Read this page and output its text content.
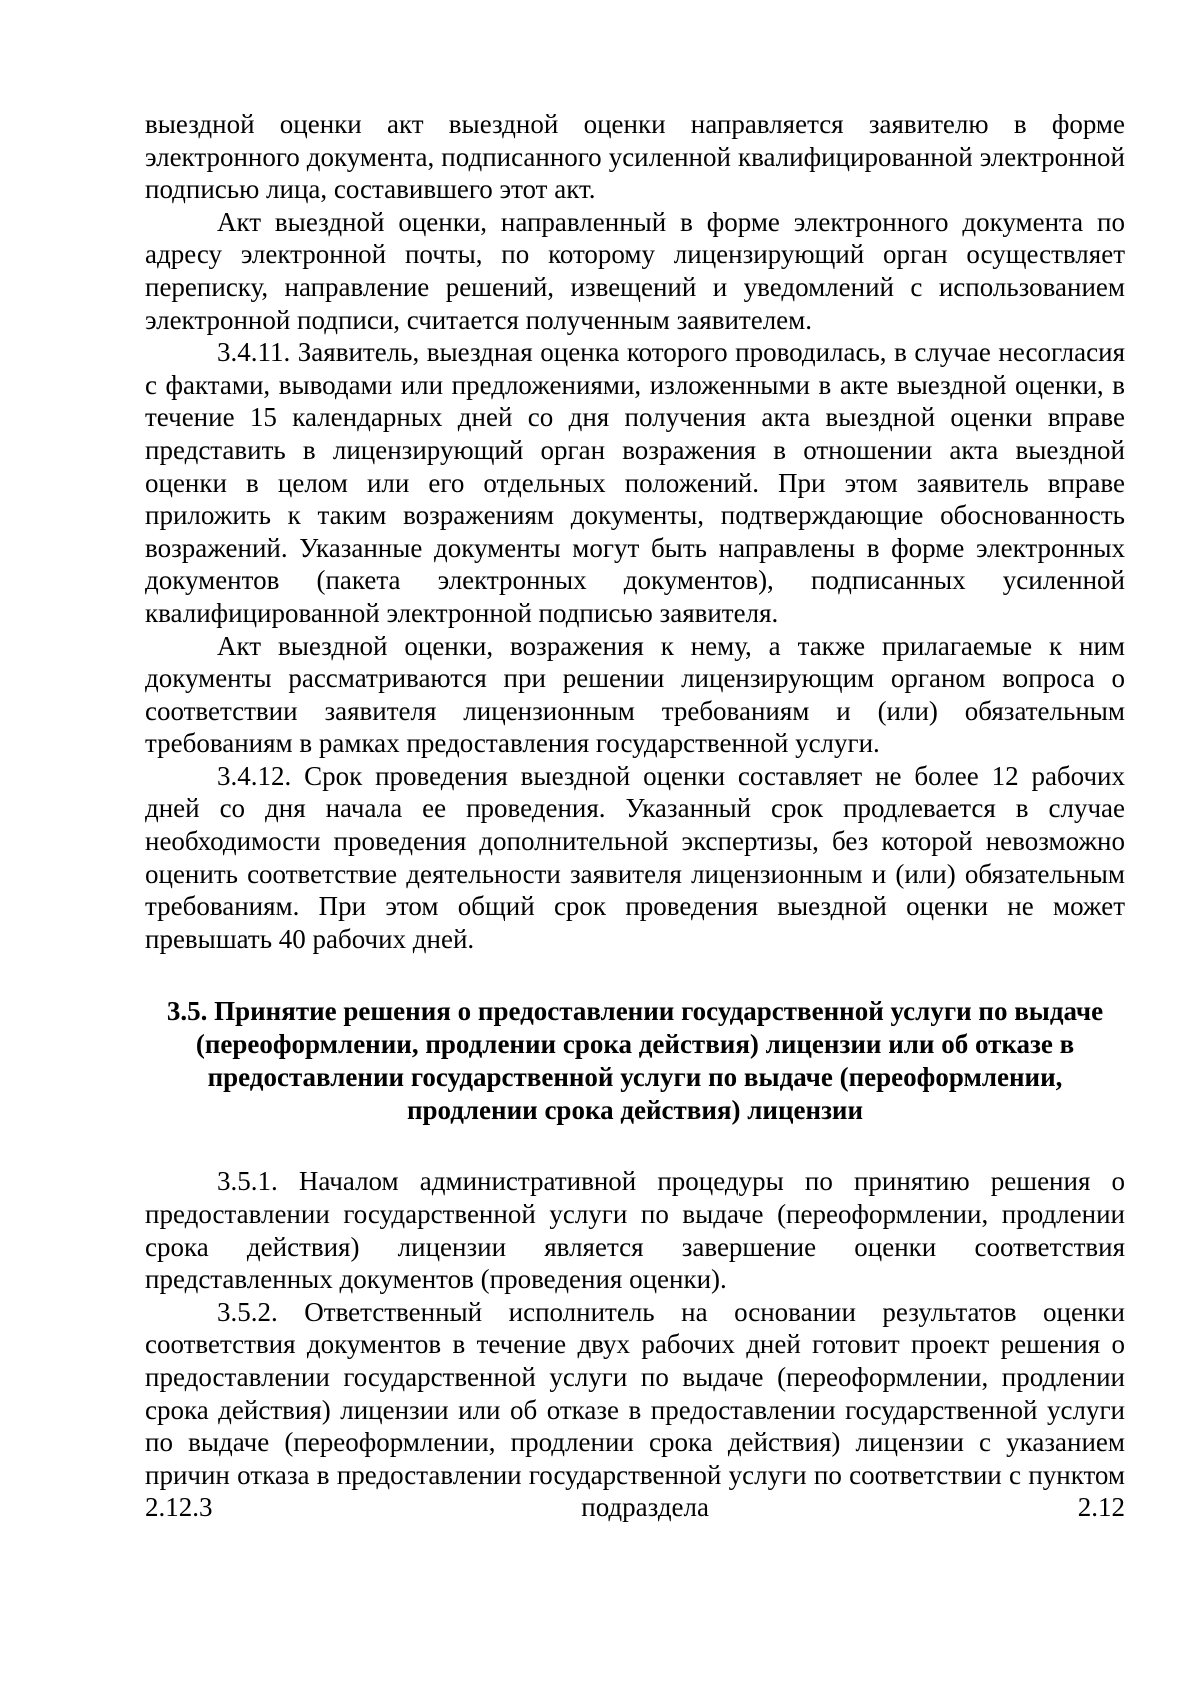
выездной оценки акт выездной оценки направляется заявителю в форме электронного документа, подписанного усиленной квалифицированной электронной подписью лица, составившего этот акт.

Акт выездной оценки, направленный в форме электронного документа по адресу электронной почты, по которому лицензирующий орган осуществляет переписку, направление решений, извещений и уведомлений с использованием электронной подписи, считается полученным заявителем.

3.4.11. Заявитель, выездная оценка которого проводилась, в случае несогласия с фактами, выводами или предложениями, изложенными в акте выездной оценки, в течение 15 календарных дней со дня получения акта выездной оценки вправе представить в лицензирующий орган возражения в отношении акта выездной оценки в целом или его отдельных положений. При этом заявитель вправе приложить к таким возражениям документы, подтверждающие обоснованность возражений. Указанные документы могут быть направлены в форме электронных документов (пакета электронных документов), подписанных усиленной квалифицированной электронной подписью заявителя.

Акт выездной оценки, возражения к нему, а также прилагаемые к ним документы рассматриваются при решении лицензирующим органом вопроса о соответствии заявителя лицензионным требованиям и (или) обязательным требованиям в рамках предоставления государственной услуги.

3.4.12. Срок проведения выездной оценки составляет не более 12 рабочих дней со дня начала ее проведения. Указанный срок продлевается в случае необходимости проведения дополнительной экспертизы, без которой невозможно оценить соответствие деятельности заявителя лицензионным и (или) обязательным требованиям. При этом общий срок проведения выездной оценки не может превышать 40 рабочих дней.

3.5. Принятие решения о предоставлении государственной услуги по выдаче (переоформлении, продлении срока действия) лицензии или об отказе в предоставлении государственной услуги по выдаче (переоформлении, продлении срока действия) лицензии

3.5.1. Началом административной процедуры по принятию решения о предоставлении государственной услуги по выдаче (переоформлении, продлении срока действия) лицензии является завершение оценки соответствия представленных документов (проведения оценки).

3.5.2. Ответственный исполнитель на основании результатов оценки соответствия документов в течение двух рабочих дней готовит проект решения о предоставлении государственной услуги по выдаче (переоформлении, продлении срока действия) лицензии или об отказе в предоставлении государственной услуги по выдаче (переоформлении, продлении срока действия) лицензии с указанием причин отказа в предоставлении государственной услуги по соответствии с пунктом 2.12.3 подраздела 2.12
